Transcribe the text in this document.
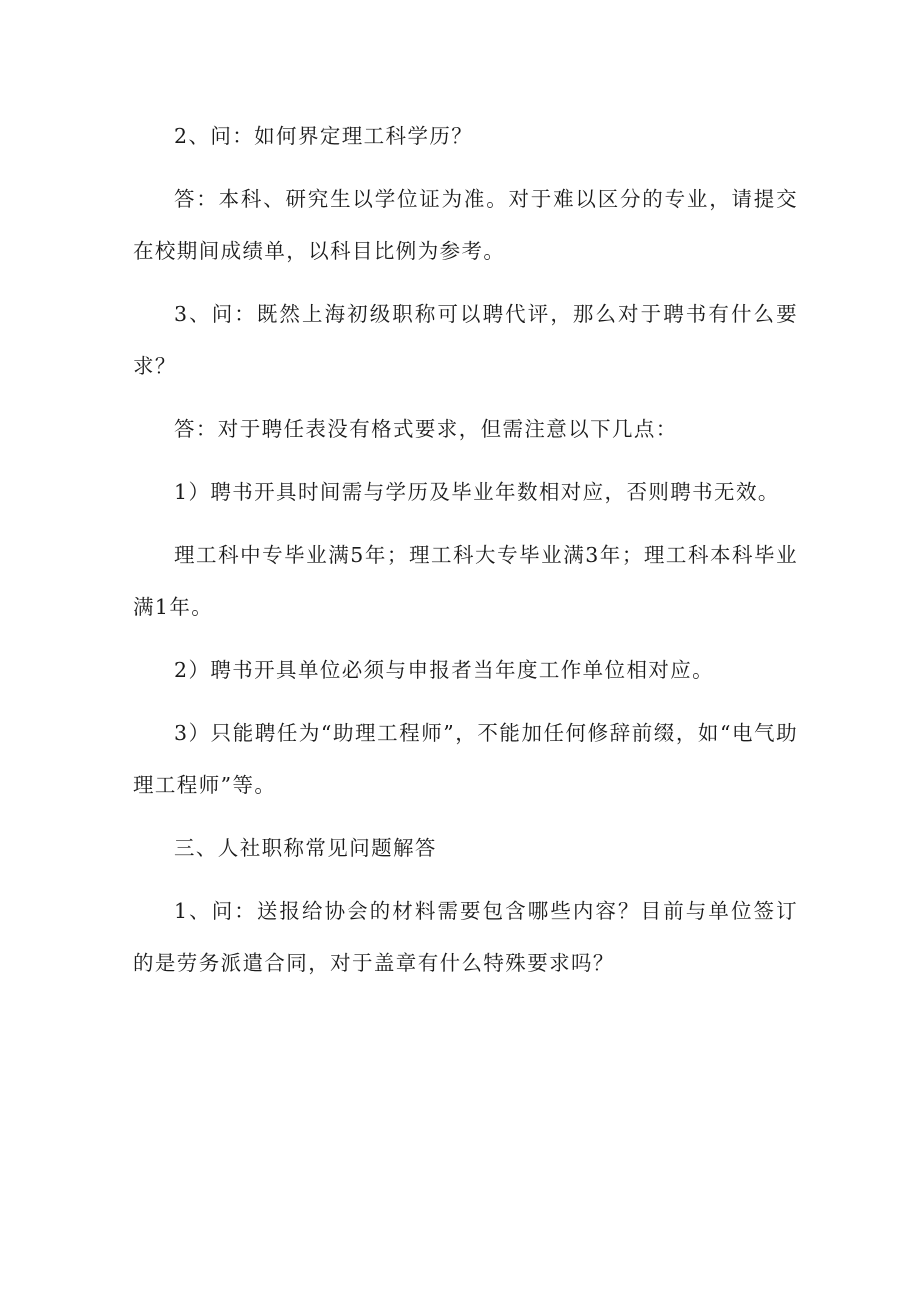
2、问：如何界定理工科学历？

答：本科、研究生以学位证为准。对于难以区分的专业，请提交在校期间成绩单，以科目比例为参考。

3、问：既然上海初级职称可以聘代评，那么对于聘书有什么要求？

答：对于聘任表没有格式要求，但需注意以下几点：

1）聘书开具时间需与学历及毕业年数相对应，否则聘书无效。

理工科中专毕业满5年；理工科大专毕业满3年；理工科本科毕业满1年。

2）聘书开具单位必须与申报者当年度工作单位相对应。

3）只能聘任为“助理工程师”，不能加任何修辞前缀，如“电气助理工程师”等。

三、人社职称常见问题解答

1、问：送报给协会的材料需要包含哪些内容？目前与单位签订的是劳务派遣合同，对于盖章有什么特殊要求吗？
